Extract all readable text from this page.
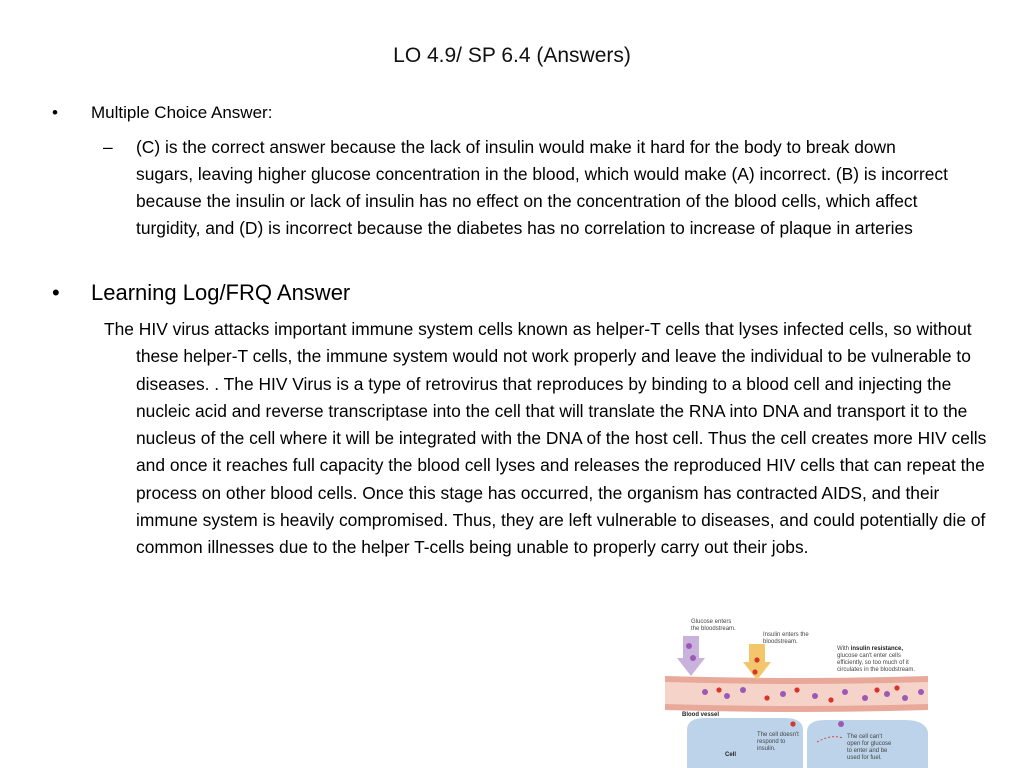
LO 4.9/ SP 6.4 (Answers)
• Multiple Choice Answer:
– (C) is the correct answer because the lack of insulin would make it hard for the body to break down sugars, leaving higher glucose concentration in the blood, which would make (A) incorrect. (B) is incorrect because the insulin or lack of insulin has no effect on the concentration of the blood cells, which affect turgidity, and (D) is incorrect because the diabetes has no correlation to increase of plaque in arteries
• Learning Log/FRQ Answer
The HIV virus attacks important immune system cells known as helper-T cells that lyses infected cells, so without these helper-T cells, the immune system would not work properly and leave the individual to be vulnerable to diseases. . The HIV Virus is a type of retrovirus that reproduces by binding to a blood cell and injecting the nucleic acid and reverse transcriptase into the cell that will translate the RNA into DNA and transport it to the nucleus of the cell where it will be integrated with the DNA of the host cell. Thus the cell creates more HIV cells and once it reaches full capacity the blood cell lyses and releases the reproduced HIV cells that can repeat the process on other blood cells. Once this stage has occurred, the organism has contracted AIDS, and their immune system is heavily compromised. Thus, they are left vulnerable to diseases, and could potentially die of common illnesses due to the helper T-cells being unable to properly carry out their jobs.
Glucose enters
the bloodstream.
Insulin enters the
bloodstream.
With insulin resistance,
glucose can't enter cells
efficiently, so too much of it
circulates in the bloodstream.
Blood vessel
Cell
The cell doesn't
respond to
insulin.
The cell can't
open for glucose
to enter and be
used for fuel.
